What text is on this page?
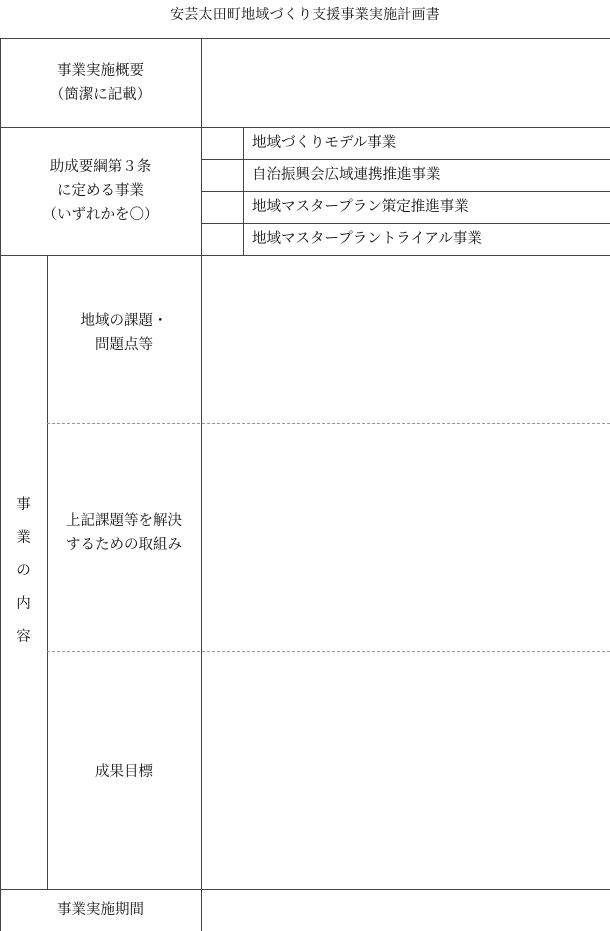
安芸太田町地域づくり支援事業実施計画書
事業実施概要
（箇潔に記載）
助成要綱第３条
に定める事業
（いずれかを〇）
地域づくりモデル事業
自治振興会広域連携推進事業
地域マスタープラン策定推進事業
地域マスタープラントライアル事業
事
業
の
内
容
地域の課題・
問題点等
上記課題等を解決
するための取組み
成果目標
事業実施期間
